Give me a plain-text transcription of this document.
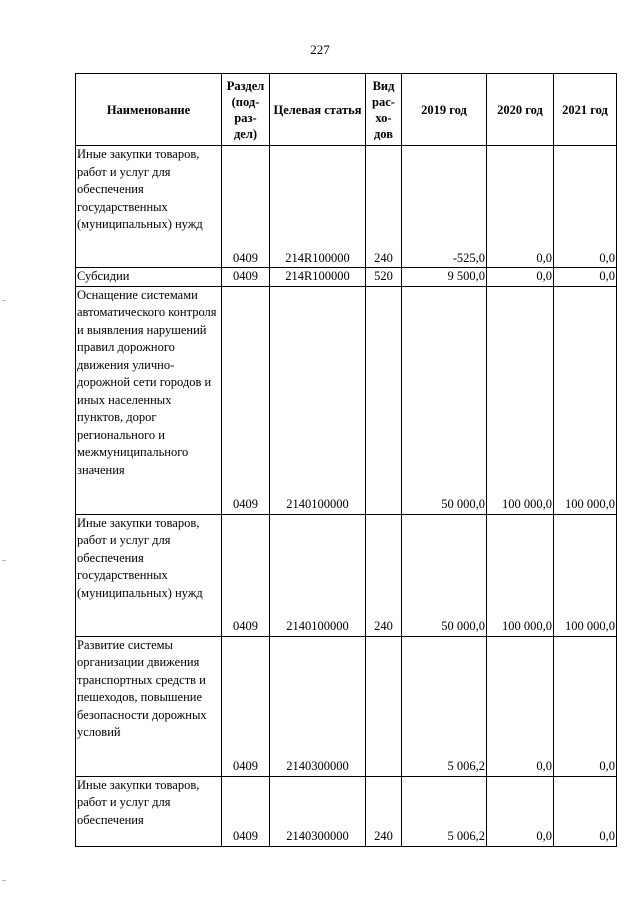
227
Наименование	Раздел (под-раз-дел)	Целевая статья	Вид рас-хо-дов	2019 год	2020 год	2021 год

Иные закупки товаров, работ и услуг для обеспечения государственных (муниципальных) нужд	0409	214R100000	240	-525,0	0,0	0,0

Субсидии	0409	214R100000	520	9 500,0	0,0	0,0

Оснащение системами автоматического контроля и выявления нарушений правил дорожного движения улично-дорожной сети городов и иных населенных пунктов, дорог регионального и межмуниципального значения	0409	2140100000		50 000,0	100 000,0	100 000,0

Иные закупки товаров, работ и услуг для обеспечения государственных (муниципальных) нужд	0409	2140100000	240	50 000,0	100 000,0	100 000,0

Развитие системы организации движения транспортных средств и пешеходов, повышение безопасности дорожных условий	0409	2140300000		5 006,2	0,0	0,0

Иные закупки товаров, работ и услуг для обеспечения	0409	2140300000	240	5 006,2	0,0	0,0
